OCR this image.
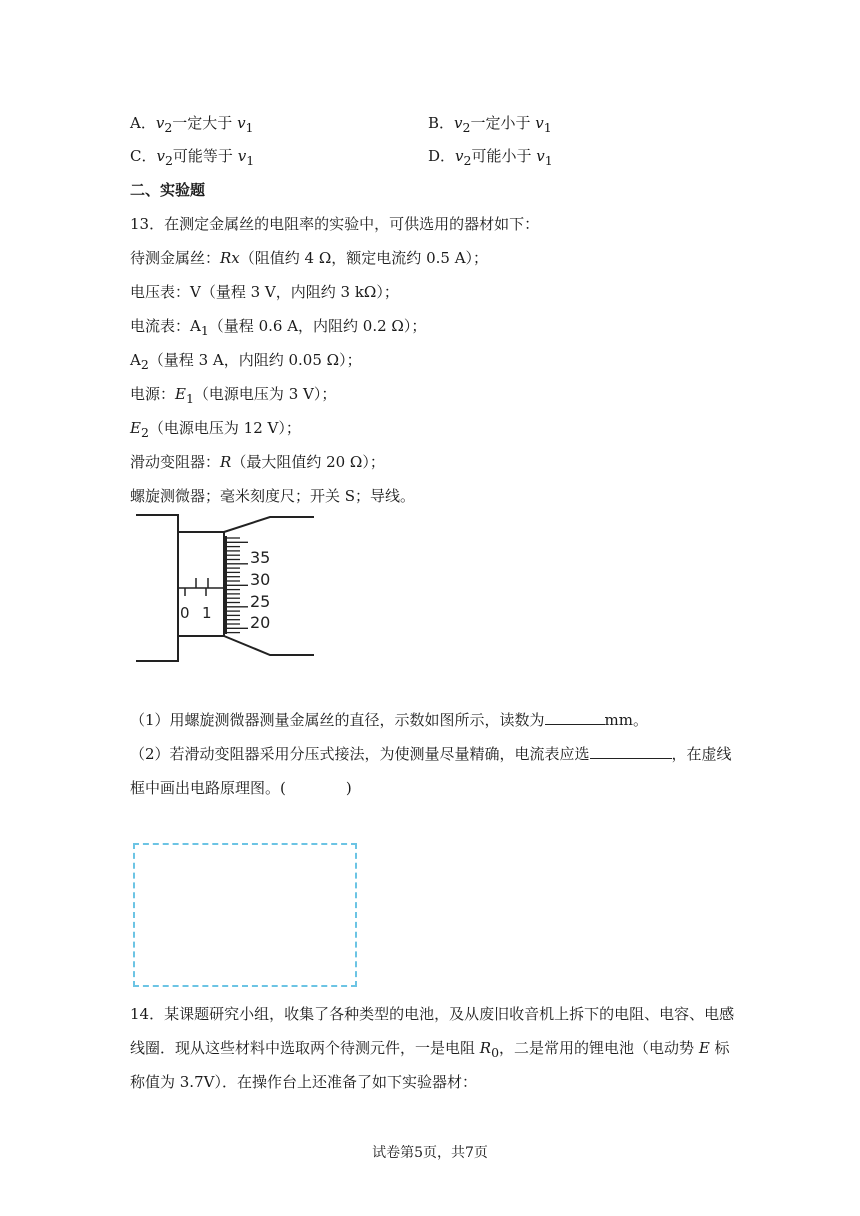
A．$v_2$一定大于 $v_1$	B．$v_2$一定小于 $v_1$
C．$v_2$可能等于 $v_1$	D．$v_2$可能小于 $v_1$
二、实验题
13．在测定金属丝的电阻率的实验中，可供选用的器材如下：
待测金属丝：Rx（阻值约 4 Ω，额定电流约 0.5 A）；
电压表：V（量程 3 V，内阻约 3 kΩ）；
电流表：$A_1$（量程 0.6 A，内阻约 0.2 Ω）；
$A_2$（量程 3 A，内阻约 0.05 Ω）；
电源：$E_1$（电源电压为 3 V）；
$E_2$（电源电压为 12 V）；
滑动变阻器：R（最大阻值约 20 Ω）；
螺旋测微器；毫米刻度尺；开关 S；导线。
0 1
35
30
25
20
（1）用螺旋测微器测量金属丝的直径，示数如图所示，读数为	mm。
（2）若滑动变阻器采用分压式接法，为使测量尽量精确，电流表应选	，在虚线
框中画出电路原理图。(	)
14．某课题研究小组，收集了各种类型的电池，及从废旧收音机上拆下的电阻、电容、电感
线圈．现从这些材料中选取两个待测元件，一是电阻 $R_0$，二是常用的锂电池（电动势 E 标
称值为 3.7V）．在操作台上还准备了如下实验器材：
试卷第5页，共7页
